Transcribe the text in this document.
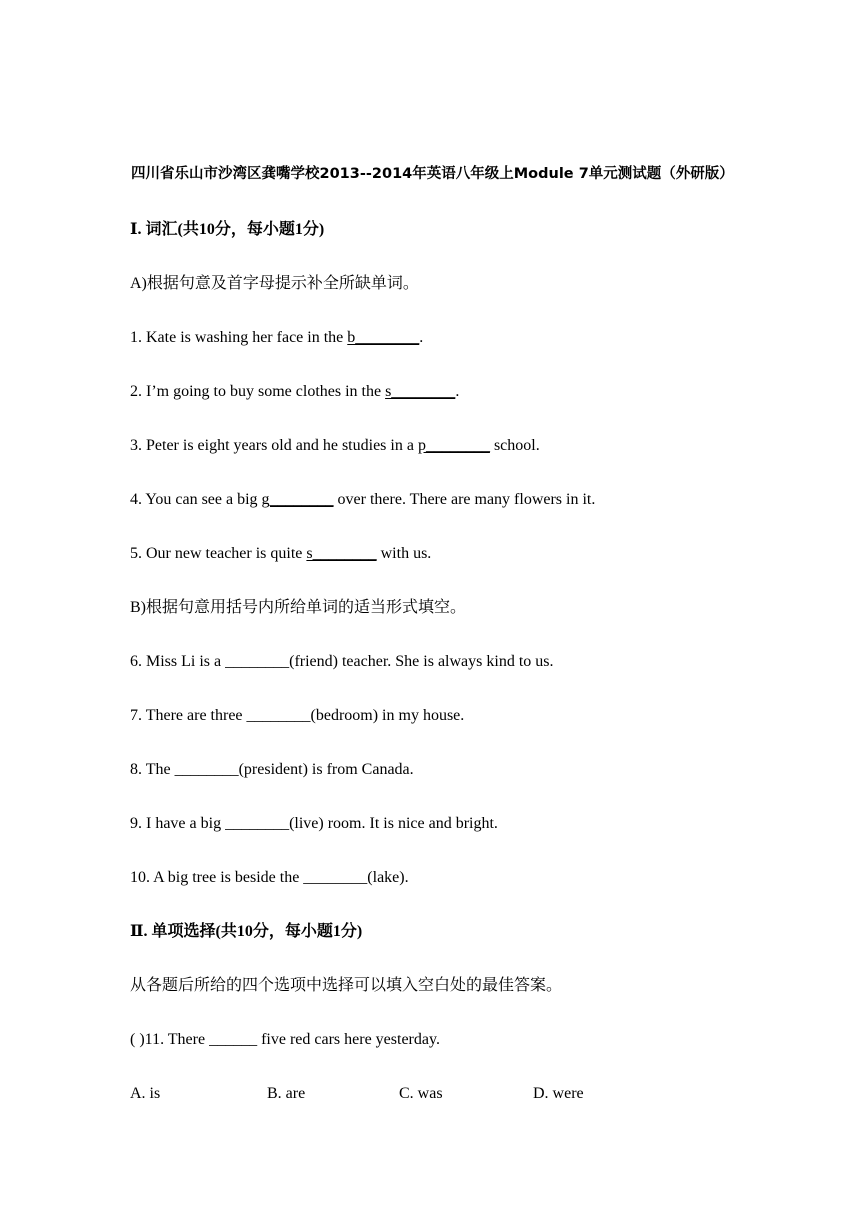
四川省乐山市沙湾区龚嘴学校2013--2014年英语八年级上Module 7单元测试题（外研版）
Ⅰ. 词汇(共10分，每小题1分)
A)根据句意及首字母提示补全所缺单词。
1. Kate is washing her face in the b________.
2. I’m going to buy some clothes in the s________.
3. Peter is eight years old and he studies in a p________ school.
4. You can see a big g________ over there. There are many flowers in it.
5. Our new teacher is quite s________ with us.
B)根据句意用括号内所给单词的适当形式填空。
6. Miss Li is a ________(friend) teacher. She is always kind to us.
7. There are three ________(bedroom) in my house.
8. The ________(president) is from Canada.
9. I have a big ________(live) room. It is nice and bright.
10. A big tree is beside the ________(lake).
Ⅱ. 单项选择(共10分，每小题1分)
从各题后所给的四个选项中选择可以填入空白处的最佳答案。
( )11. There ______ five red cars here yesterday.
A. is	B. are	C. was	D. were
